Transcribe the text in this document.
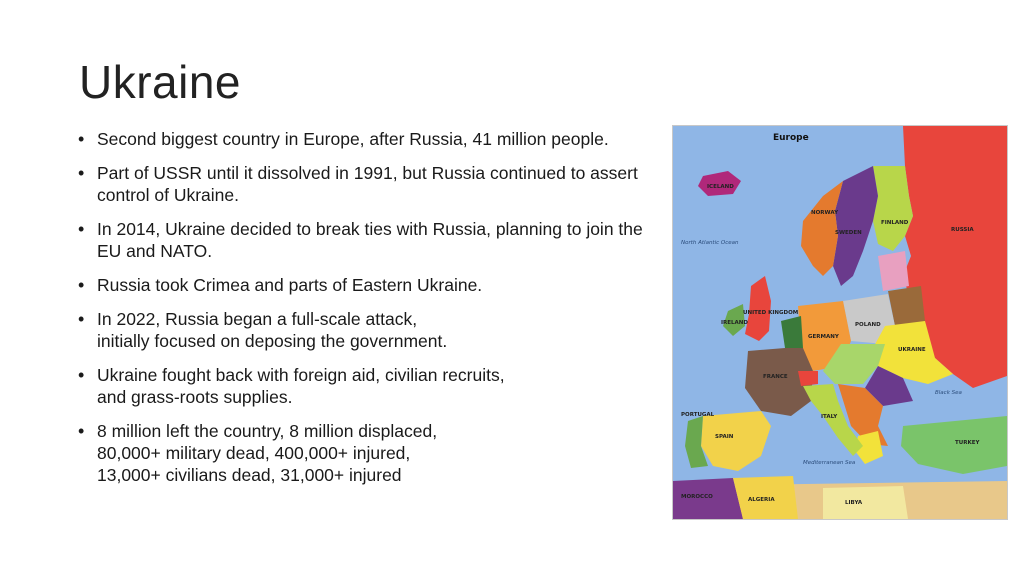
Ukraine
• Second biggest country in Europe, after Russia, 41 million people.
• Part of USSR until it dissolved in 1991, but Russia continued to assert control of Ukraine.
• In 2014, Ukraine decided to break ties with Russia, planning to join the EU and NATO.
• Russia took Crimea and parts of Eastern Ukraine.
• In 2022, Russia began a full-scale attack,
initially focused on deposing the government.
• Ukraine fought back with foreign aid, civilian recruits,
and grass-roots supplies.
• 8 million left the country, 8 million displaced,
80,000+ military dead, 400,000+ injured,
13,000+ civilians dead, 31,000+ injured
Europe
RUSSIA
FINLAND
SWEDEN
NORWAY
ICELAND
UNITED KINGDOM
IRELAND
FRANCE
SPAIN
PORTUGAL
GERMANY
POLAND
UKRAINE
ITALY
TURKEY
ALGERIA
MOROCCO
LIBYA
North Atlantic Ocean
Mediterranean Sea
Black Sea
